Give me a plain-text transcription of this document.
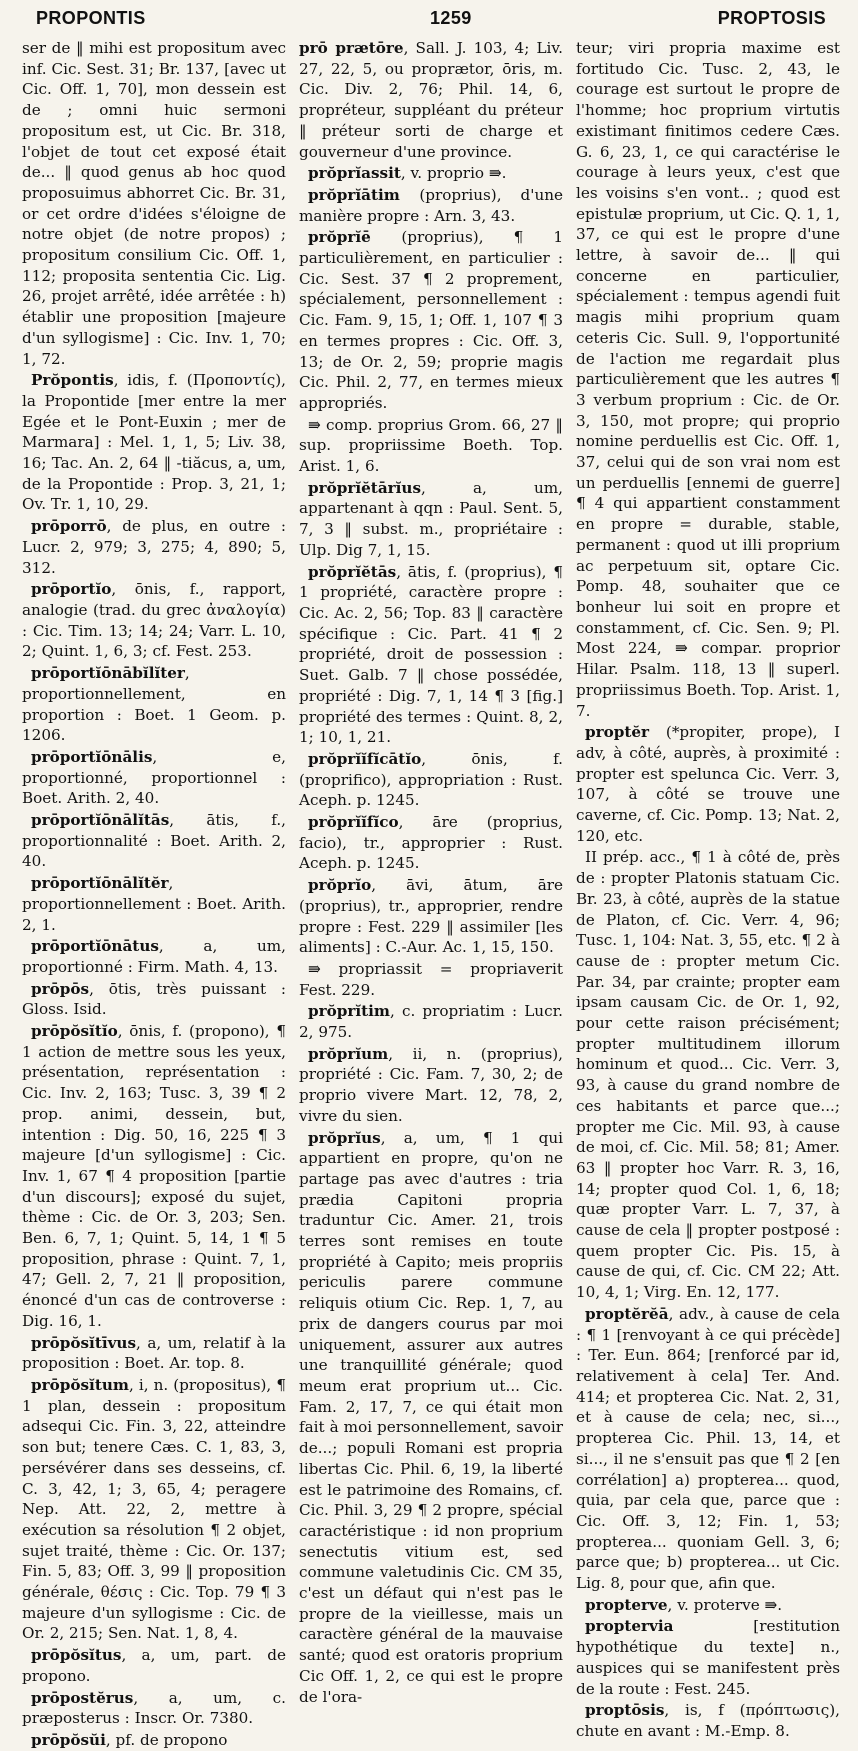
PROPONTIS	1259	PROPTOSIS

ser de ‖ mihi est propositum avec inf. Cic. Sest. 31; Br. 137, [avec ut Cic. Off. 1, 70], mon dessein est de ; omni huic sermoni propositum est, ut Cic. Br. 318, l'objet de tout cet exposé était de... ‖ quod genus ab hoc quod proposuimus abhorret Cic. Br. 31, or cet ordre d'idées s'éloigne de notre objet (de notre propos) ; propositum consilium Cic. Off. 1, 112; proposita sententia Cic. Lig. 26, projet arrêté, idée arrêtée : h) établir une proposition [majeure d'un syllogisme] : Cic. Inv. 1, 70; 1, 72.

Prŏpontis, idis, f. (Προποντίς), la Propontide [mer entre la mer Egée et le Pont-Euxin ; mer de Marmara] : Mel. 1, 1, 5; Liv. 38, 16; Tac. An. 2, 64 ‖ -tiăcus, a, um, de la Propontide : Prop. 3, 21, 1; Ov. Tr. 1, 10, 29.

prōporrō, de plus, en outre : Lucr. 2, 979; 3, 275; 4, 890; 5, 312.

prōportĭo, ōnis, f., rapport, analogie (trad. du grec ἀναλογία) : Cic. Tim. 13; 14; 24; Varr. L. 10, 2; Quint. 1, 6, 3; cf. Fest. 253.

prōportĭōnābĭlĭter, proportionnellement, en proportion : Boet. 1 Geom. p. 1206.

prōportĭōnālis, e, proportionné, proportionnel : Boet. Arith. 2, 40.

prōportĭōnālĭtās, ātis, f., proportionnalité : Boet. Arith. 2, 40.

prōportĭōnālĭtĕr, proportionnellement : Boet. Arith. 2, 1.

prōportĭōnātus, a, um, proportionné : Firm. Math. 4, 13.

prōpōs, ōtis, très puissant : Gloss. Isid.

prōpŏsĭtĭo, ōnis, f. (propono), ¶ 1 action de mettre sous les yeux, présentation, représentation : Cic. Inv. 2, 163; Tusc. 3, 39 ¶ 2 prop. animi, dessein, but, intention : Dig. 50, 16, 225 ¶ 3 majeure [d'un syllogisme] : Cic. Inv. 1, 67 ¶ 4 proposition [partie d'un discours]; exposé du sujet, thème : Cic. de Or. 3, 203; Sen. Ben. 6, 7, 1; Quint. 5, 14, 1 ¶ 5 proposition, phrase : Quint. 7, 1, 47; Gell. 2, 7, 21 ‖ proposition, énoncé d'un cas de controverse : Dig. 16, 1.

prōpŏsĭtīvus, a, um, relatif à la proposition : Boet. Ar. top. 8.

prōpŏsĭtum, i, n. (propositus), ¶ 1 plan, dessein : propositum adsequi Cic. Fin. 3, 22, atteindre son but; tenere Cæs. C. 1, 83, 3, persévérer dans ses desseins, cf. C. 3, 42, 1; 3, 65, 4; peragere Nep. Att. 22, 2, mettre à exécution sa résolution ¶ 2 objet, sujet traité, thème : Cic. Or. 137; Fin. 5, 83; Off. 3, 99 ‖ proposition générale, θέσις : Cic. Top. 79 ¶ 3 majeure d'un syllogisme : Cic. de Or. 2, 215; Sen. Nat. 1, 8, 4.

prōpŏsĭtus, a, um, part. de propono.

prōpostĕrus, a, um, c. præposterus : Inscr. Or. 7380.

prōpŏsŭi, pf. de propono

prō prætōre, Sall. J. 103, 4; Liv. 27, 22, 5, ou proprætor, ōris, m. Cic. Div. 2, 76; Phil. 14, 6, propréteur, suppléant du préteur ‖ préteur sorti de charge et gouverneur d'une province.

prŏprĭassit, v. proprio ⇛.

prŏprĭātim (proprius), d'une manière propre : Arn. 3, 43.

prŏprĭē (proprius), ¶ 1 particulièrement, en particulier : Cic. Sest. 37 ¶ 2 proprement, spécialement, personnellement : Cic. Fam. 9, 15, 1; Off. 1, 107 ¶ 3 en termes propres : Cic. Off. 3, 13; de Or. 2, 59; proprie magis Cic. Phil. 2, 77, en termes mieux appropriés.

⇛ comp. proprius Grom. 66, 27 ‖ sup. propriissime Boeth. Top. Arist. 1, 6.

prŏprĭĕtārĭus, a, um, appartenant à qqn : Paul. Sent. 5, 7, 3 ‖ subst. m., propriétaire : Ulp. Dig 7, 1, 15.

prŏprĭĕtās, ātis, f. (proprius), ¶ 1 propriété, caractère propre : Cic. Ac. 2, 56; Top. 83 ‖ caractère spécifique : Cic. Part. 41 ¶ 2 propriété, droit de possession : Suet. Galb. 7 ‖ chose possédée, propriété : Dig. 7, 1, 14 ¶ 3 [fig.] propriété des termes : Quint. 8, 2, 1; 10, 1, 21.

prŏprĭĭfĭcātĭo, ōnis, f. (proprifico), appropriation : Rust. Aceph. p. 1245.

prŏprĭĭfĭco, āre (proprius, facio), tr., approprier : Rust. Aceph. p. 1245.

prŏprĭo, āvi, ātum, āre (proprius), tr., approprier, rendre propre : Fest. 229 ‖ assimiler [les aliments] : C.-Aur. Ac. 1, 15, 150.

⇛ propriassit = propriaverit Fest. 229.

prŏprĭtim, c. propriatim : Lucr. 2, 975.

prŏprĭum, ii, n. (proprius), propriété : Cic. Fam. 7, 30, 2; de proprio vivere Mart. 12, 78, 2, vivre du sien.

prŏprĭus, a, um, ¶ 1 qui appartient en propre, qu'on ne partage pas avec d'autres : tria prædia Capitoni propria traduntur Cic. Amer. 21, trois terres sont remises en toute propriété à Capito; meis propriis periculis parere commune reliquis otium Cic. Rep. 1, 7, au prix de dangers courus par moi uniquement, assurer aux autres une tranquillité générale; quod meum erat proprium ut... Cic. Fam. 2, 17, 7, ce qui était mon fait à moi personnellement, savoir de...; populi Romani est propria libertas Cic. Phil. 6, 19, la liberté est le patrimoine des Romains, cf. Cic. Phil. 3, 29 ¶ 2 propre, spécial caractéristique : id non proprium senectutis vitium est, sed commune valetudinis Cic. CM 35, c'est un défaut qui n'est pas le propre de la vieillesse, mais un caractère général de la mauvaise santé; quod est oratoris proprium Cic Off. 1, 2, ce qui est le propre de l'ora-

teur; viri propria maxime est fortitudo Cic. Tusc. 2, 43, le courage est surtout le propre de l'homme; hoc proprium virtutis existimant finitimos cedere Cæs. G. 6, 23, 1, ce qui caractérise le courage à leurs yeux, c'est que les voisins s'en vont.. ; quod est epistulæ proprium, ut Cic. Q. 1, 1, 37, ce qui est le propre d'une lettre, à savoir de... ‖ qui concerne en particulier, spécialement : tempus agendi fuit magis mihi proprium quam ceteris Cic. Sull. 9, l'opportunité de l'action me regardait plus particulièrement que les autres ¶ 3 verbum proprium : Cic. de Or. 3, 150, mot propre; qui proprio nomine perduellis est Cic. Off. 1, 37, celui qui de son vrai nom est un perduellis [ennemi de guerre] ¶ 4 qui appartient constamment en propre = durable, stable, permanent : quod ut illi proprium ac perpetuum sit, optare Cic. Pomp. 48, souhaiter que ce bonheur lui soit en propre et constamment, cf. Cic. Sen. 9; Pl. Most 224, ⇛ compar. proprior Hilar. Psalm. 118, 13 ‖ superl. propriissimus Boeth. Top. Arist. 1, 7.

proptĕr (*propiter, prope), I adv, à côté, auprès, à proximité : propter est spelunca Cic. Verr. 3, 107, à côté se trouve une caverne, cf. Cic. Pomp. 13; Nat. 2, 120, etc.

II prép. acc., ¶ 1 à côté de, près de : propter Platonis statuam Cic. Br. 23, à côté, auprès de la statue de Platon, cf. Cic. Verr. 4, 96; Tusc. 1, 104: Nat. 3, 55, etc. ¶ 2 à cause de : propter metum Cic. Par. 34, par crainte; propter eam ipsam causam Cic. de Or. 1, 92, pour cette raison précisément; propter multitudinem illorum hominum et quod... Cic. Verr. 3, 93, à cause du grand nombre de ces habitants et parce que...; propter me Cic. Mil. 93, à cause de moi, cf. Cic. Mil. 58; 81; Amer. 63 ‖ propter hoc Varr. R. 3, 16, 14; propter quod Col. 1, 6, 18; quæ propter Varr. L. 7, 37, à cause de cela ‖ propter postposé : quem propter Cic. Pis. 15, à cause de qui, cf. Cic. CM 22; Att. 10, 4, 1; Virg. En. 12, 177.

proptĕrĕā, adv., à cause de cela : ¶ 1 [renvoyant à ce qui précède] : Ter. Eun. 864; [renforcé par id, relativement à cela] Ter. And. 414; et propterea Cic. Nat. 2, 31, et à cause de cela; nec, si..., propterea Cic. Phil. 13, 14, et si..., il ne s'ensuit pas que ¶ 2 [en corrélation] a) propterea... quod, quia, par cela que, parce que : Cic. Off. 3, 12; Fin. 1, 53; propterea... quoniam Gell. 3, 6; parce que; b) propterea... ut Cic. Lig. 8, pour que, afin que.

propterve, v. proterve ⇛.

proptervia [restitution hypothétique du texte] n., auspices qui se manifestent près de la route : Fest. 245.

proptōsis, is, f (πρόπτωσις), chute en avant : M.-Emp. 8.
